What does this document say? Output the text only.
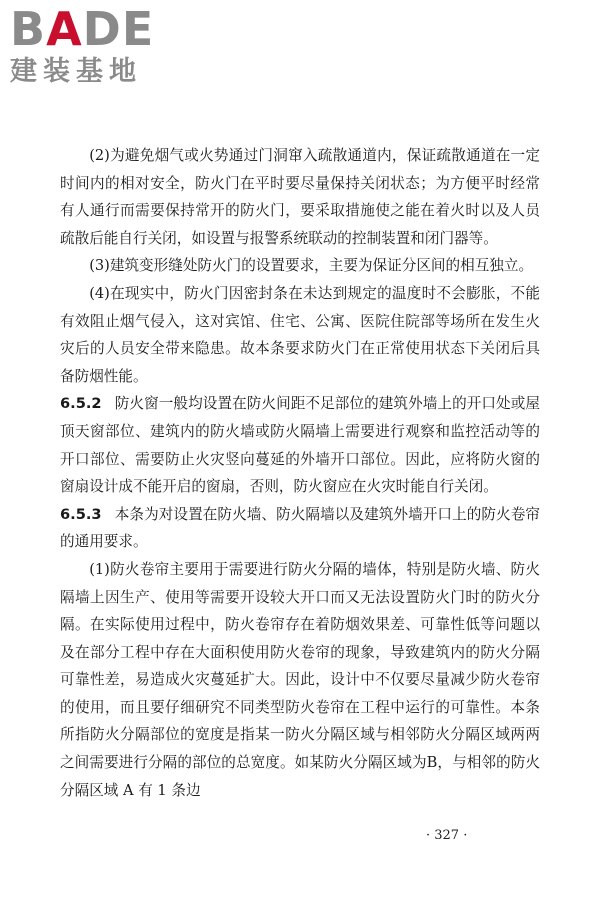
BADE
建装基地

(2)为避免烟气或火势通过门洞窜入疏散通道内，保证疏散通道在一定时间内的相对安全，防火门在平时要尽量保持关闭状态；为方便平时经常有人通行而需要保持常开的防火门，要采取措施使之能在着火时以及人员疏散后能自行关闭，如设置与报警系统联动的控制装置和闭门器等。

(3)建筑变形缝处防火门的设置要求，主要为保证分区间的相互独立。

(4)在现实中，防火门因密封条在未达到规定的温度时不会膨胀，不能有效阻止烟气侵入，这对宾馆、住宅、公寓、医院住院部等场所在发生火灾后的人员安全带来隐患。故本条要求防火门在正常使用状态下关闭后具备防烟性能。

6.5.2 防火窗一般均设置在防火间距不足部位的建筑外墙上的开口处或屋顶天窗部位、建筑内的防火墙或防火隔墙上需要进行观察和监控活动等的开口部位、需要防止火灾竖向蔓延的外墙开口部位。因此，应将防火窗的窗扇设计成不能开启的窗扇，否则，防火窗应在火灾时能自行关闭。

6.5.3 本条为对设置在防火墙、防火隔墙以及建筑外墙开口上的防火卷帘的通用要求。

(1)防火卷帘主要用于需要进行防火分隔的墙体，特别是防火墙、防火隔墙上因生产、使用等需要开设较大开口而又无法设置防火门时的防火分隔。在实际使用过程中，防火卷帘存在着防烟效果差、可靠性低等问题以及在部分工程中存在大面积使用防火卷帘的现象，导致建筑内的防火分隔可靠性差，易造成火灾蔓延扩大。因此，设计中不仅要尽量减少防火卷帘的使用，而且要仔细研究不同类型防火卷帘在工程中运行的可靠性。本条所指防火分隔部位的宽度是指某一防火分隔区域与相邻防火分隔区域两两之间需要进行分隔的部位的总宽度。如某防火分隔区域为B，与相邻的防火分隔区域 A 有 1 条边

· 327 ·
